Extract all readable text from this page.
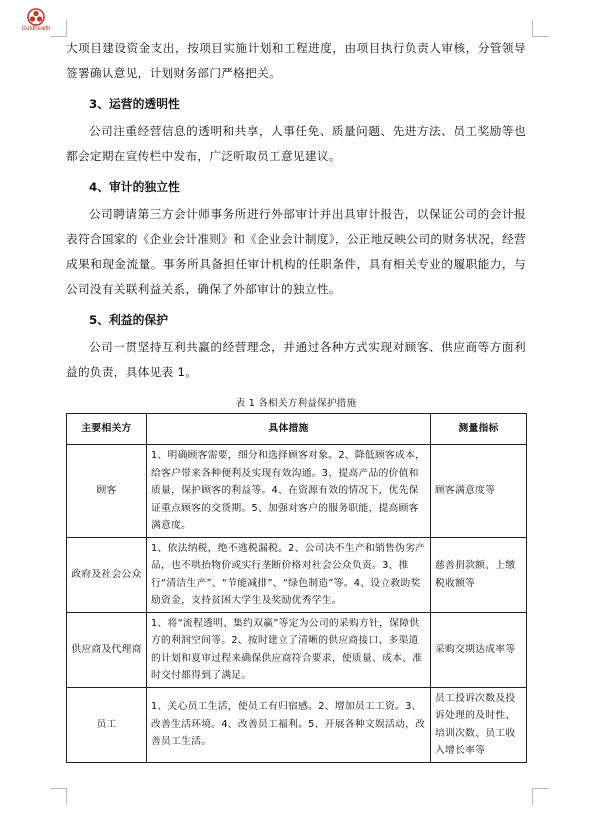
Goldhealth

大项目建设资金支出，按项目实施计划和工程进度，由项目执行负责人审核，分管领导签署确认意见，计划财务部门严格把关。

3、运营的透明性

公司注重经营信息的透明和共享，人事任免、质量问题、先进方法、员工奖励等也都会定期在宣传栏中发布，广泛听取员工意见建议。

4、审计的独立性

公司聘请第三方会计师事务所进行外部审计并出具审计报告，以保证公司的会计报表符合国家的《企业会计准则》和《企业会计制度》，公正地反映公司的财务状况，经营成果和现金流量。事务所具备担任审计机构的任职条件，具有相关专业的履职能力，与公司没有关联利益关系，确保了外部审计的独立性。

5、利益的保护

公司一贯坚持互利共赢的经营理念，并通过各种方式实现对顾客、供应商等方面利益的负责，具体见表 1。

表 1 各相关方利益保护措施
主要相关方	具体措施	测量指标
顾客	1、明确顾客需要，细分和选择顾客对象。2、降低顾客成本，给客户带来各种便利及实现有效沟通。3、提高产品的价值和质量，保护顾客的利益等。4、在资源有效的情况下，优先保证重点顾客的交货期。5、加强对客户的服务职能，提高顾客满意度。	顾客满意度等
政府及社会公众	1、依法纳税，绝不逃税漏税。2、公司决不生产和销售伪劣产品，也不哄抬物价或实行垄断价格对社会公众负责。3、推行“清洁生产”、“节能减排”、“绿色制造”等。4、设立救助奖励资金，支持贫困大学生及奖励优秀学生。	慈善捐款额、上缴税收额等
供应商及代理商	1、将“流程透明、集约双赢”等定为公司的采购方针，保障供方的利润空间等。2、按时建立了清晰的供应商接口、多渠道的计划和夏审过程来确保供应商符合要求，使质量、成本、准时交付都得到了满足。	采购交期达成率等
员工	1、关心员工生活，使员工有归宿感。2、增加员工工资。3、改善生活环境。4、改善员工福利。5、开展各种文娱活动，改善员工生活。	员工投诉次数及投诉处理的及时性、培训次数、员工收入增长率等
